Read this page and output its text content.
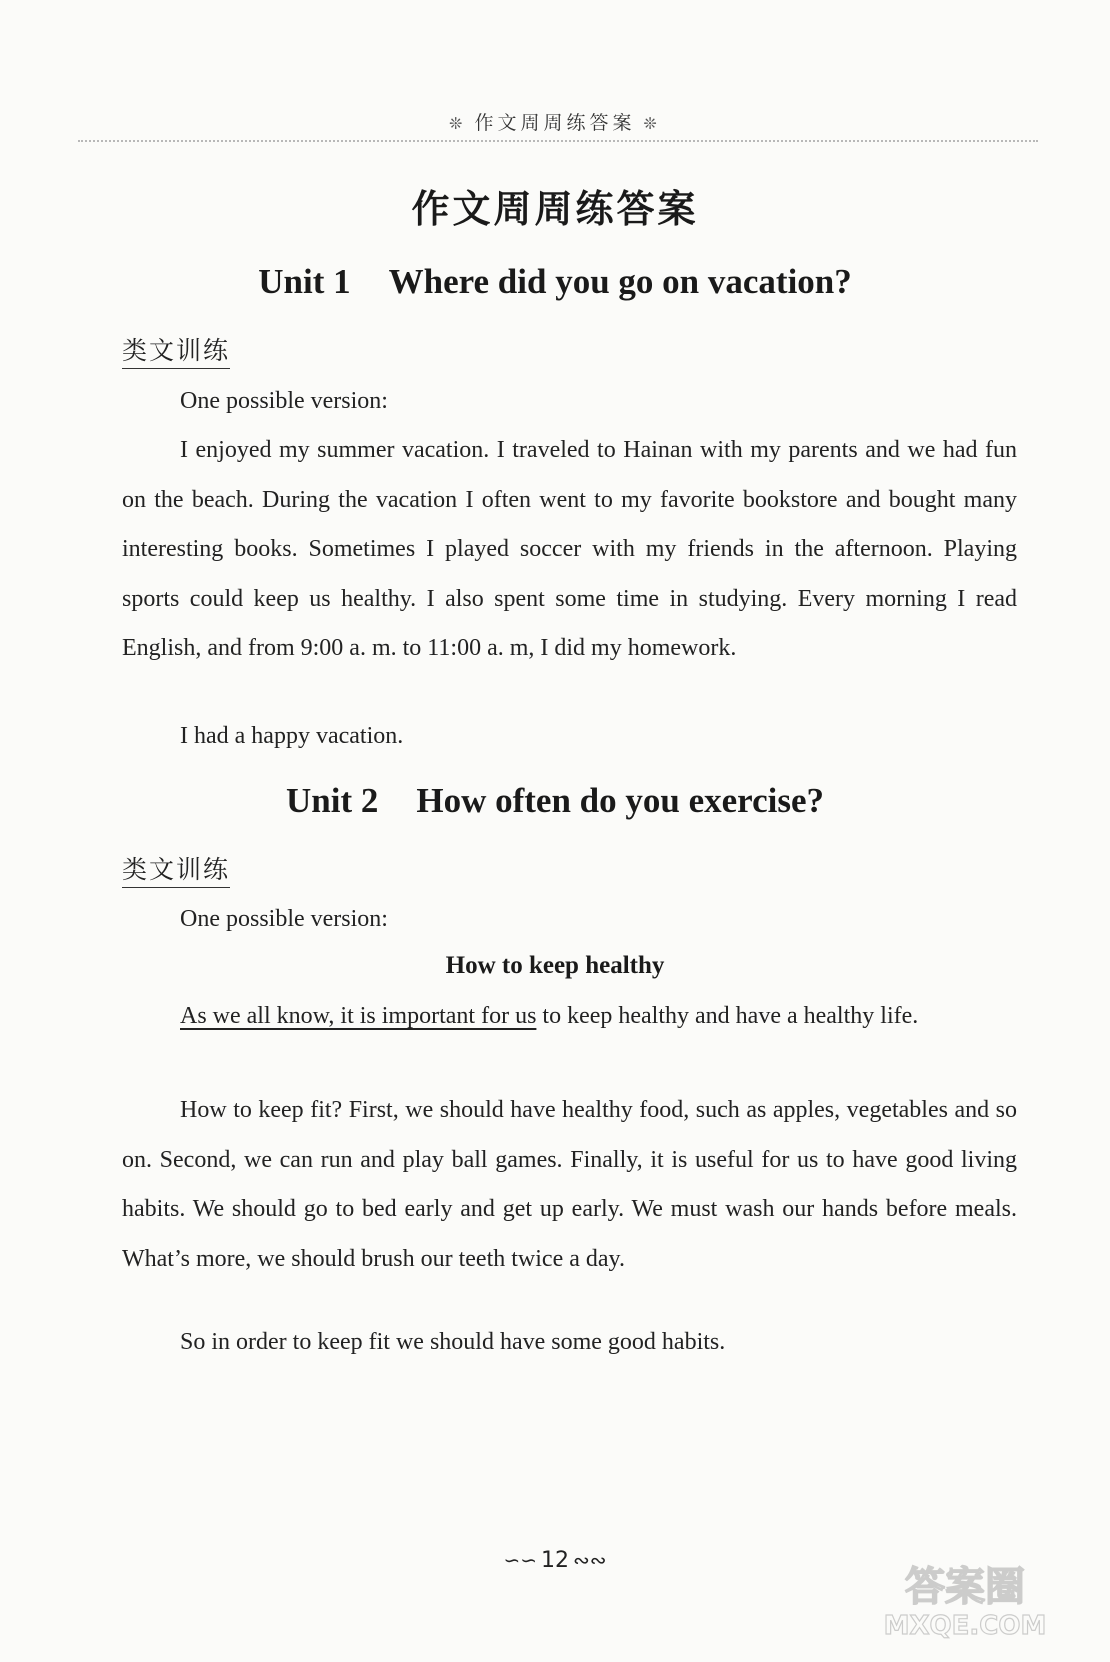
❊ 作文周周练答案 ❊
作文周周练答案
Unit 1 Where did you go on vacation?
类文训练
One possible version:

I enjoyed my summer vacation. I traveled to Hainan with my parents and we had fun on the beach. During the vacation I often went to my favorite bookstore and bought many interesting books. Sometimes I played soccer with my friends in the afternoon. Playing sports could keep us healthy. I also spent some time in studying. Every morning I read English, and from 9:00 a. m. to 11:00 a. m, I did my homework.

I had a happy vacation.

Unit 2 How often do you exercise?
类文训练
One possible version:
How to keep healthy

As we all know, it is important for us to keep healthy and have a healthy life.

How to keep fit? First, we should have healthy food, such as apples, vegetables and so on. Second, we can run and play ball games. Finally, it is useful for us to have good living habits. We should go to bed early and get up early. We must wash our hands before meals. What’s more, we should brush our teeth twice a day.

So in order to keep fit we should have some good habits.

∽∽ 12 ∾∾
答案圈
MXQE.COM
